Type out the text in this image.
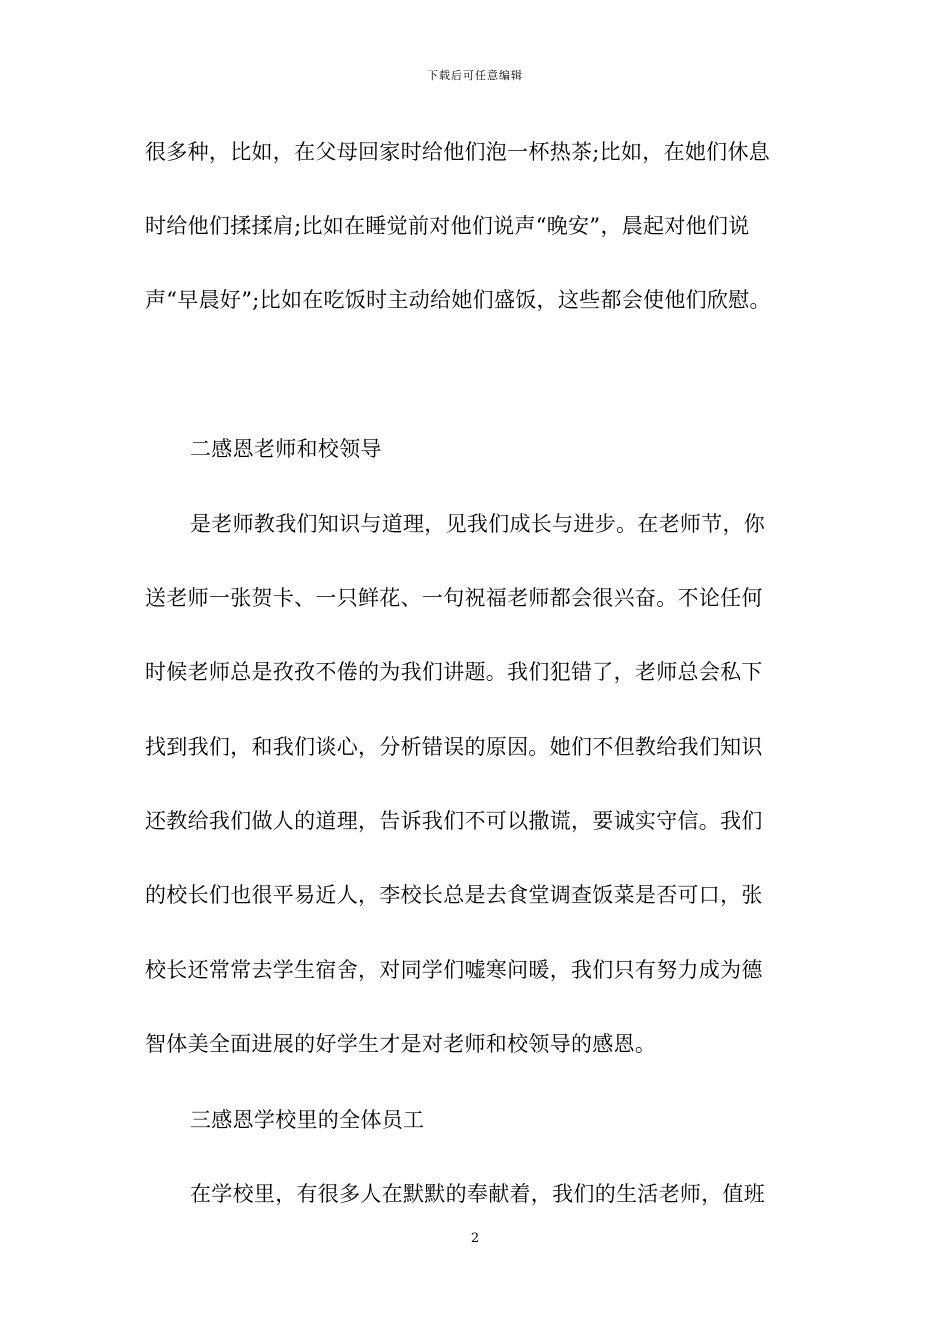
下载后可任意编辑
很多种，比如，在父母回家时给他们泡一杯热茶;比如，在她们休息
时给他们揉揉肩;比如在睡觉前对他们说声“晚安”，晨起对他们说
声“早晨好”;比如在吃饭时主动给她们盛饭，这些都会使他们欣慰。
二感恩老师和校领导
是老师教我们知识与道理，见我们成长与进步。在老师节，你
送老师一张贺卡、一只鲜花、一句祝福老师都会很兴奋。不论任何
时候老师总是孜孜不倦的为我们讲题。我们犯错了，老师总会私下
找到我们，和我们谈心，分析错误的原因。她们不但教给我们知识
还教给我们做人的道理，告诉我们不可以撒谎，要诚实守信。我们
的校长们也很平易近人，李校长总是去食堂调查饭菜是否可口，张
校长还常常去学生宿舍，对同学们嘘寒问暖，我们只有努力成为德
智体美全面进展的好学生才是对老师和校领导的感恩。
三感恩学校里的全体员工
在学校里，有很多人在默默的奉献着，我们的生活老师，值班
2
